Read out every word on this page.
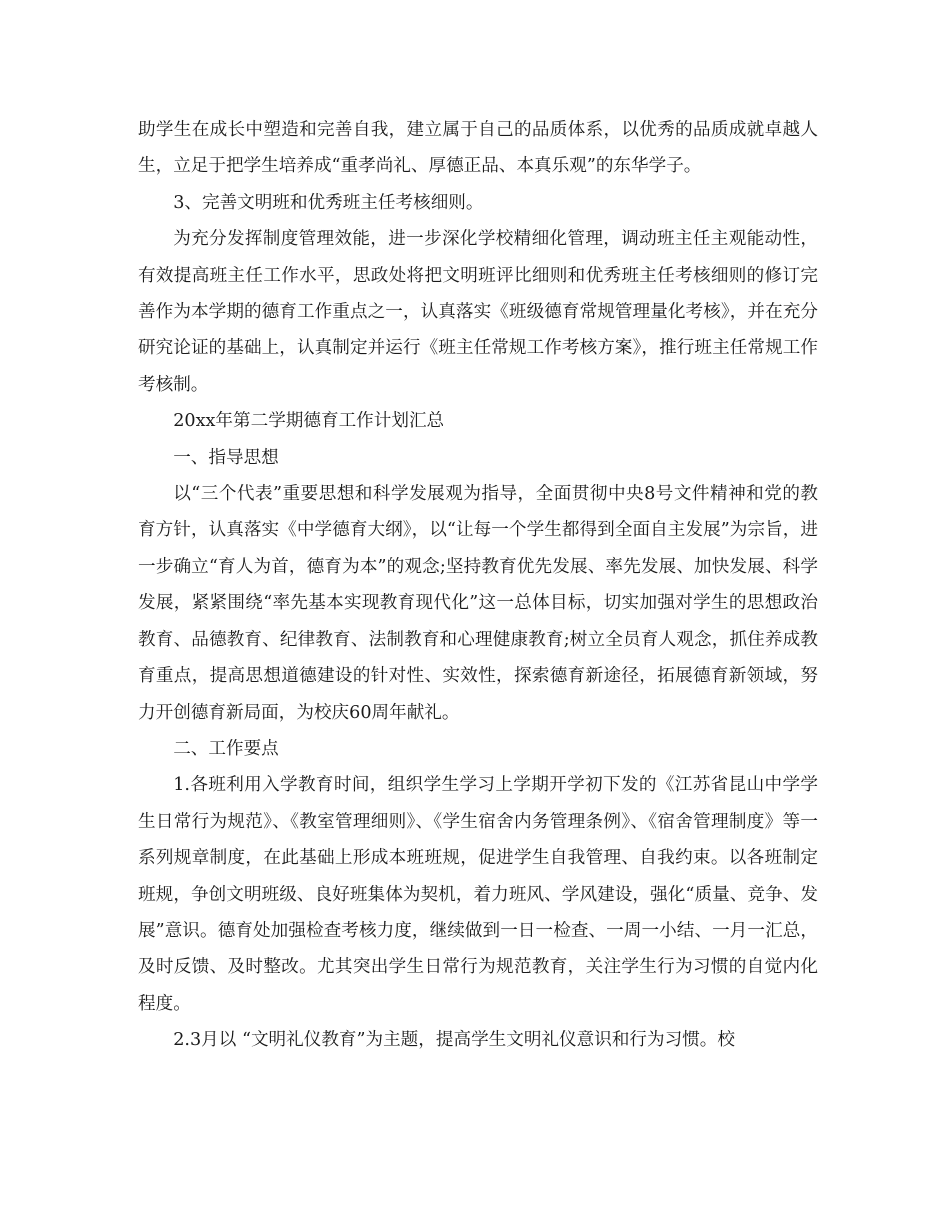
助学生在成长中塑造和完善自我，建立属于自己的品质体系，以优秀的品质成就卓越人生，立足于把学生培养成“重孝尚礼、厚德正品、本真乐观”的东华学子。

3、完善文明班和优秀班主任考核细则。

为充分发挥制度管理效能，进一步深化学校精细化管理，调动班主任主观能动性，有效提高班主任工作水平，思政处将把文明班评比细则和优秀班主任考核细则的修订完善作为本学期的德育工作重点之一，认真落实《班级德育常规管理量化考核》，并在充分研究论证的基础上，认真制定并运行《班主任常规工作考核方案》，推行班主任常规工作考核制。

20xx年第二学期德育工作计划汇总

一、指导思想

以“三个代表”重要思想和科学发展观为指导，全面贯彻中央8号文件精神和党的教育方针，认真落实《中学德育大纲》，以“让每一个学生都得到全面自主发展”为宗旨，进一步确立“育人为首，德育为本”的观念;坚持教育优先发展、率先发展、加快发展、科学发展，紧紧围绕“率先基本实现教育现代化”这一总体目标，切实加强对学生的思想政治教育、品德教育、纪律教育、法制教育和心理健康教育;树立全员育人观念，抓住养成教育重点，提高思想道德建设的针对性、实效性，探索德育新途径，拓展德育新领域，努力开创德育新局面，为校庆60周年献礼。

二、工作要点

1.各班利用入学教育时间，组织学生学习上学期开学初下发的《江苏省昆山中学学生日常行为规范》、《教室管理细则》、《学生宿舍内务管理条例》、《宿舍管理制度》等一系列规章制度，在此基础上形成本班班规，促进学生自我管理、自我约束。以各班制定班规，争创文明班级、良好班集体为契机，着力班风、学风建设，强化“质量、竞争、发展”意识。德育处加强检查考核力度，继续做到一日一检查、一周一小结、一月一汇总，及时反馈、及时整改。尤其突出学生日常行为规范教育，关注学生行为习惯的自觉内化程度。

2.3月以 “文明礼仪教育”为主题，提高学生文明礼仪意识和行为习惯。校
